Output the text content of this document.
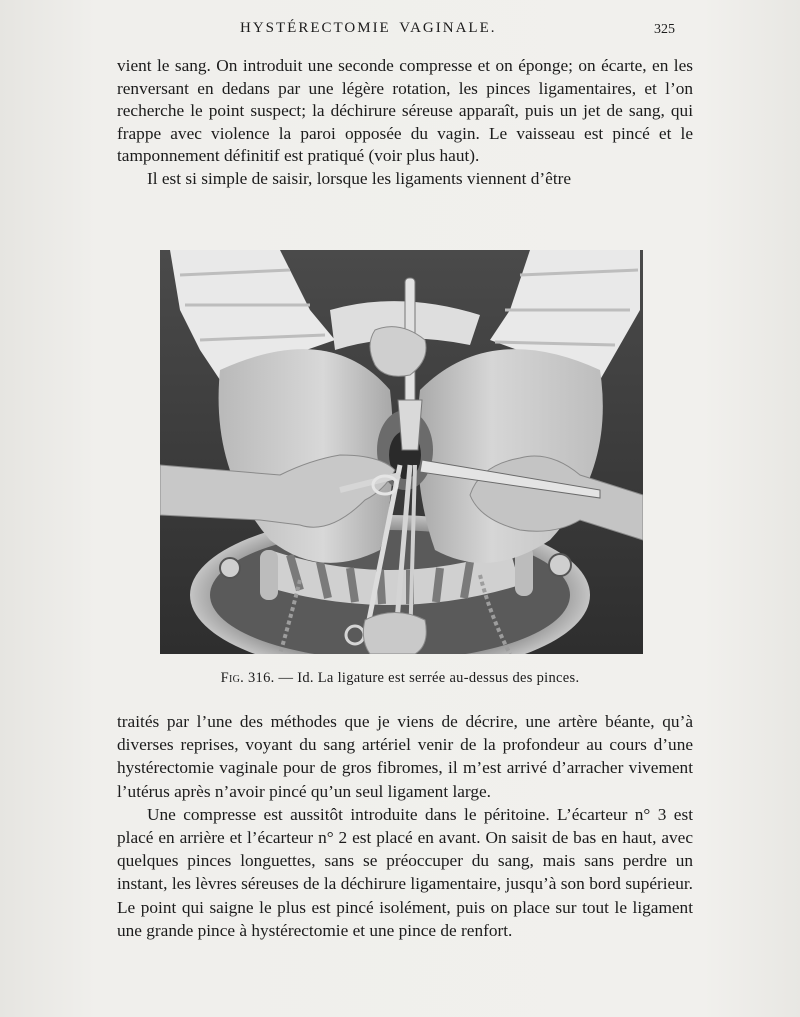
HYSTÉRECTOMIE VAGINALE.	325

vient le sang. On introduit une seconde compresse et on éponge; on écarte, en les renversant en dedans par une légère rotation, les pinces ligamentaires, et l’on recherche le point suspect; la déchirure séreuse apparaît, puis un jet de sang, qui frappe avec violence la paroi opposée du vagin. Le vaisseau est pincé et le tamponnement définitif est pratiqué (voir plus haut).

Il est si simple de saisir, lorsque les ligaments viennent d’être

Fig. 316. — Id. La ligature est serrée au-dessus des pinces.

traités par l’une des méthodes que je viens de décrire, une artère béante, qu’à diverses reprises, voyant du sang artériel venir de la profondeur au cours d’une hystérectomie vaginale pour de gros fibromes, il m’est arrivé d’arracher vivement l’utérus après n’avoir pincé qu’un seul ligament large.

Une compresse est aussitôt introduite dans le péritoine. L’écarteur n° 3 est placé en arrière et l’écarteur n° 2 est placé en avant. On saisit de bas en haut, avec quelques pinces longuettes, sans se préoccuper du sang, mais sans perdre un instant, les lèvres séreuses de la déchirure ligamentaire, jusqu’à son bord supérieur. Le point qui saigne le plus est pincé isolément, puis on place sur tout le ligament une grande pince à hystérectomie et une pince de renfort.
